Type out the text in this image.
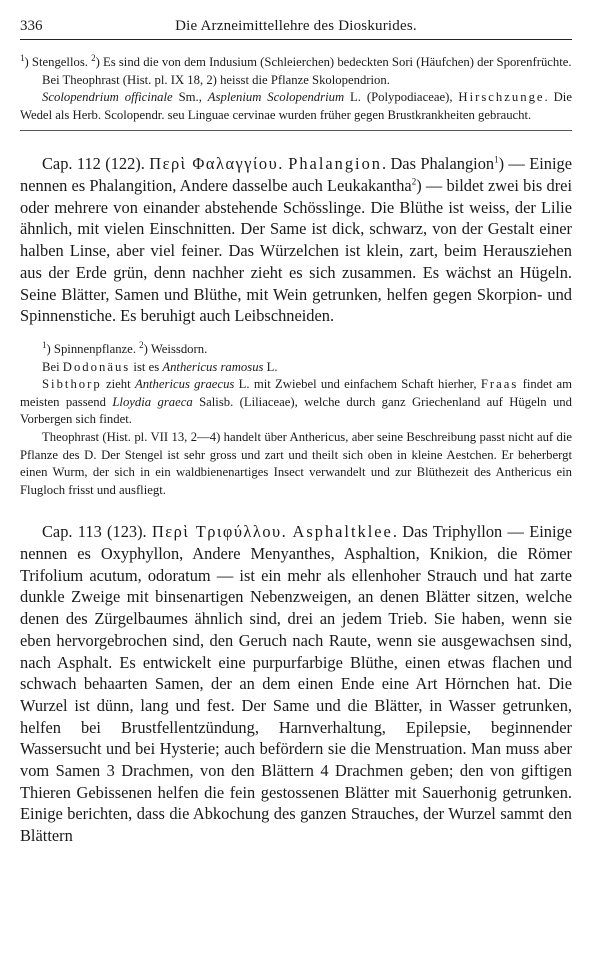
336	Die Arzneimittellehre des Dioskurides.

$^1$) Stengellos. $^2$) Es sind die von dem Indusium (Schleierchen) bedeckten Sori (Häufchen) der Sporenfrüchte.

Bei Theophrast (Hist. pl. IX 18, 2) heisst die Pflanze Skolopendrion.

Scolopendrium officinale Sm., Asplenium Scolopendrium L. (Polypodiaceae), Hirschzunge. Die Wedel als Herb. Scolopendr. seu Linguae cervinae wurden früher gegen Brustkrankheiten gebraucht.

Cap. 112 (122). Περὶ Φαλαγγίου. Phalangion. Das Phalangion$^1$) — Einige nennen es Phalangition, Andere dasselbe auch Leukakantha$^2$) — bildet zwei bis drei oder mehrere von einander abstehende Schösslinge. Die Blüthe ist weiss, der Lilie ähnlich, mit vielen Einschnitten. Der Same ist dick, schwarz, von der Gestalt einer halben Linse, aber viel feiner. Das Würzelchen ist klein, zart, beim Herausziehen aus der Erde grün, denn nachher zieht es sich zusammen. Es wächst an Hügeln. Seine Blätter, Samen und Blüthe, mit Wein getrunken, helfen gegen Skorpion- und Spinnenstiche. Es beruhigt auch Leibschneiden.

$^1$) Spinnenpflanze. $^2$) Weissdorn.

Bei Dodonäus ist es Anthericus ramosus L.

Sibthorp zieht Anthericus graecus L. mit Zwiebel und einfachem Schaft hierher, Fraas findet am meisten passend Lloydia graeca Salisb. (Liliaceae), welche durch ganz Griechenland auf Hügeln und Vorbergen sich findet.

Theophrast (Hist. pl. VII 13, 2—4) handelt über Anthericus, aber seine Beschreibung passt nicht auf die Pflanze des D. Der Stengel ist sehr gross und zart und theilt sich oben in kleine Aestchen. Er beherbergt einen Wurm, der sich in ein waldbienenartiges Insect verwandelt und zur Blüthezeit des Anthericus ein Flugloch frisst und ausfliegt.

Cap. 113 (123). Περὶ Τριφύλλου. Asphaltklee. Das Triphyllon — Einige nennen es Oxyphyllon, Andere Menyanthes, Asphaltion, Knikion, die Römer Trifolium acutum, odoratum — ist ein mehr als ellenhoher Strauch und hat zarte dunkle Zweige mit binsenartigen Nebenzweigen, an denen Blätter sitzen, welche denen des Zürgelbaumes ähnlich sind, drei an jedem Trieb. Sie haben, wenn sie eben hervorgebrochen sind, den Geruch nach Raute, wenn sie ausgewachsen sind, nach Asphalt. Es entwickelt eine purpurfarbige Blüthe, einen etwas flachen und schwach behaarten Samen, der an dem einen Ende eine Art Hörnchen hat. Die Wurzel ist dünn, lang und fest. Der Same und die Blätter, in Wasser getrunken, helfen bei Brustfellentzündung, Harnverhaltung, Epilepsie, beginnender Wassersucht und bei Hysterie; auch befördern sie die Menstruation. Man muss aber vom Samen 3 Drachmen, von den Blättern 4 Drachmen geben; den von giftigen Thieren Gebissenen helfen die fein gestossenen Blätter mit Sauerhonig getrunken. Einige berichten, dass die Abkochung des ganzen Strauches, der Wurzel sammt den Blättern
